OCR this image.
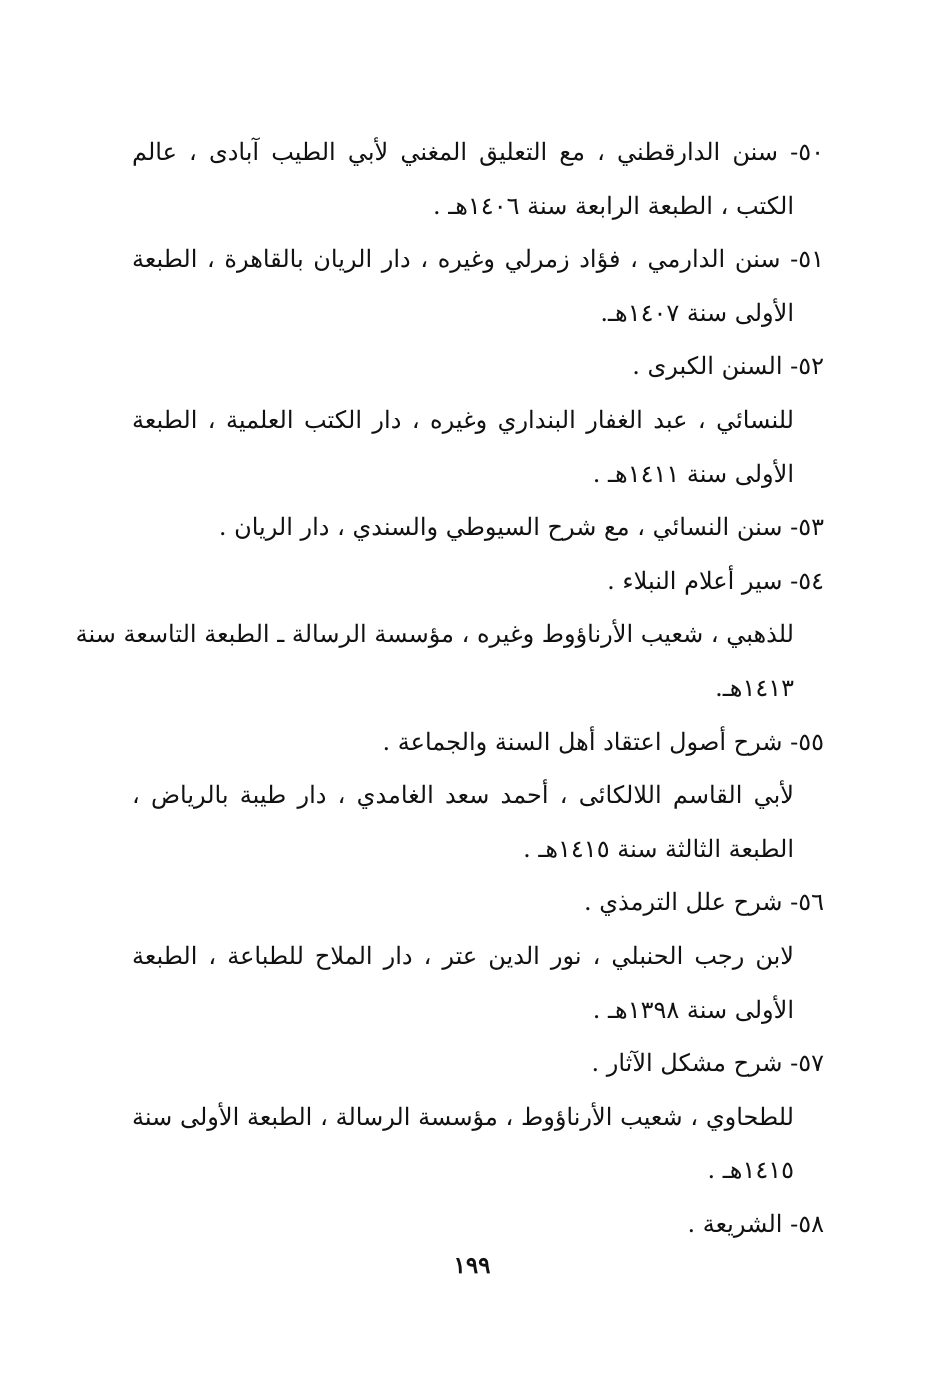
٥٠- سنن الدارقطني ، مع التعليق المغني لأبي الطيب آبادى ، عالم
الكتب ، الطبعة الرابعة سنة ١٤٠٦هـ .
٥١- سنن الدارمي ، فؤاد زمرلي وغيره ، دار الريان بالقاهرة ، الطبعة
الأولى سنة ١٤٠٧هـ.
٥٢- السنن الكبرى .
للنسائي ، عبد الغفار البنداري وغيره ، دار الكتب العلمية ، الطبعة
الأولى سنة ١٤١١هـ .
٥٣- سنن النسائي ، مع شرح السيوطي والسندي ، دار الريان .
٥٤- سير أعلام النبلاء .
للذهبي ، شعيب الأرناؤوط وغيره ، مؤسسة الرسالة ـ الطبعة التاسعة سنة
١٤١٣هـ.
٥٥- شرح أصول اعتقاد أهل السنة والجماعة .
لأبي القاسم اللالكائى ، أحمد سعد الغامدي ، دار طيبة بالرياض ،
الطبعة الثالثة سنة ١٤١٥هـ .
٥٦- شرح علل الترمذي .
لابن رجب الحنبلي ، نور الدين عتر ، دار الملاح للطباعة ، الطبعة
الأولى سنة ١٣٩٨هـ .
٥٧- شرح مشكل الآثار .
للطحاوي ، شعيب الأرناؤوط ، مؤسسة الرسالة ، الطبعة الأولى سنة
١٤١٥هـ .
٥٨- الشريعة .
١٩٩
